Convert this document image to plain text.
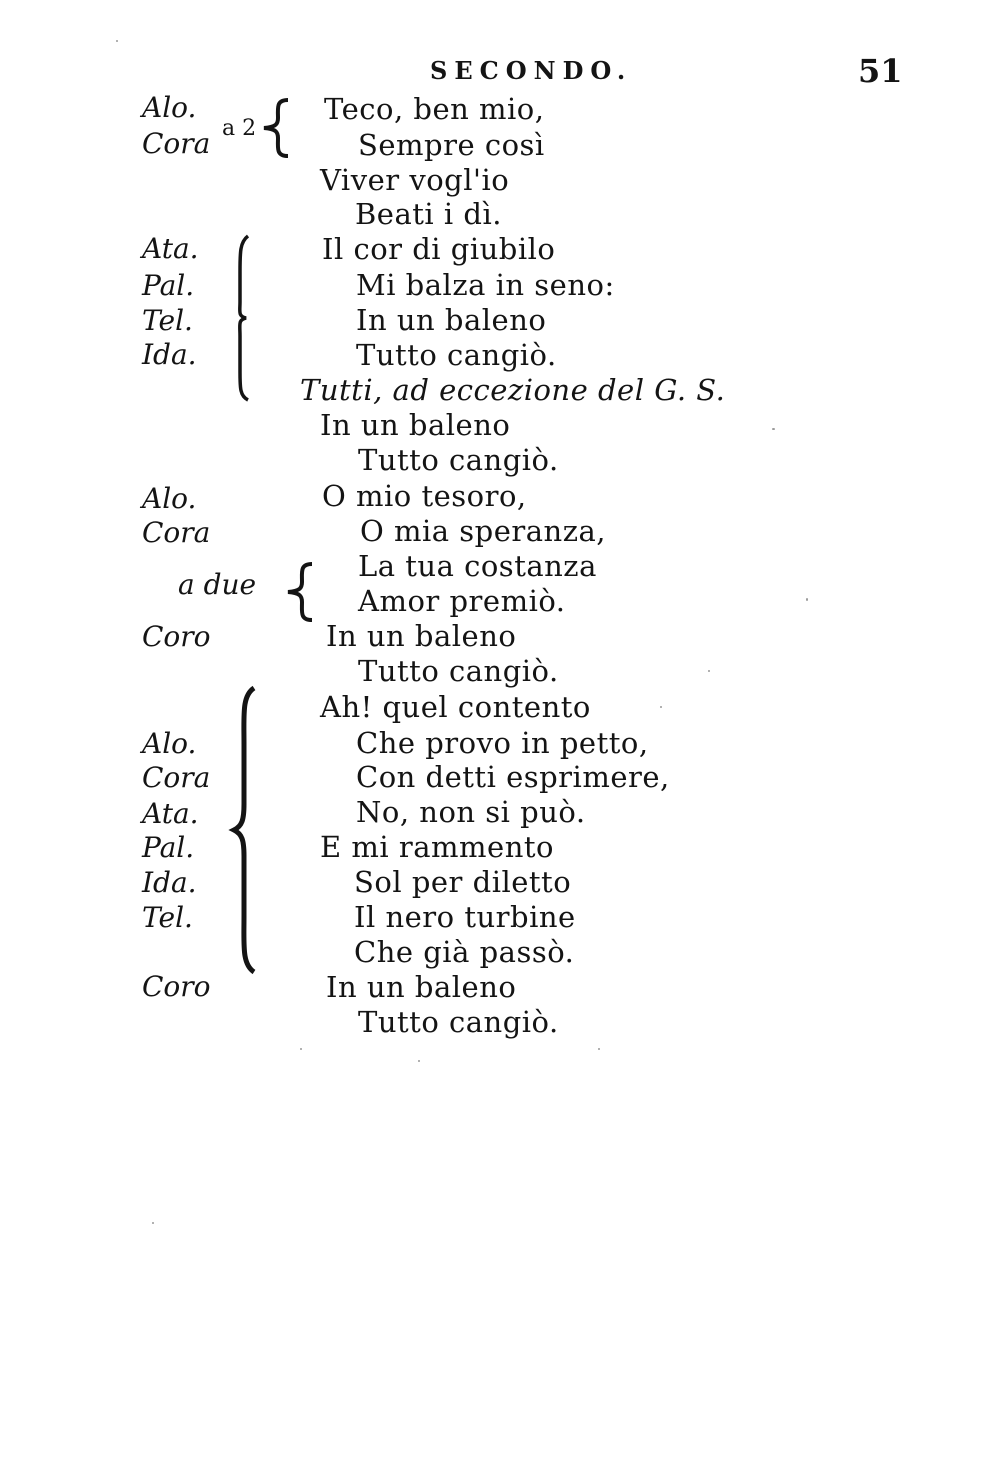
SECONDO.	51
Alo.
Cora a 2
Ata.
Pal.
Tel.
Ida.
Alo.
Cora
a due
Coro
Alo.
Cora
Ata.
Pal.
Ida.
Tel.
Coro
Teco, ben mio,
Sempre così
Viver vogl'io
Beati i dì.
Il cor di giubilo
Mi balza in seno:
In un baleno
Tutto cangiò.
Tutti, ad eccezione del G. S.
In un baleno
Tutto cangiò.
O mio tesoro,
O mia speranza,
La tua costanza
Amor premiò.
In un baleno
Tutto cangiò.
Ah! quel contento
Che provo in petto,
Con detti esprimere,
No, non si può.
E mi rammento
Sol per diletto
Il nero turbine
Che già passò.
In un baleno
Tutto cangiò.
